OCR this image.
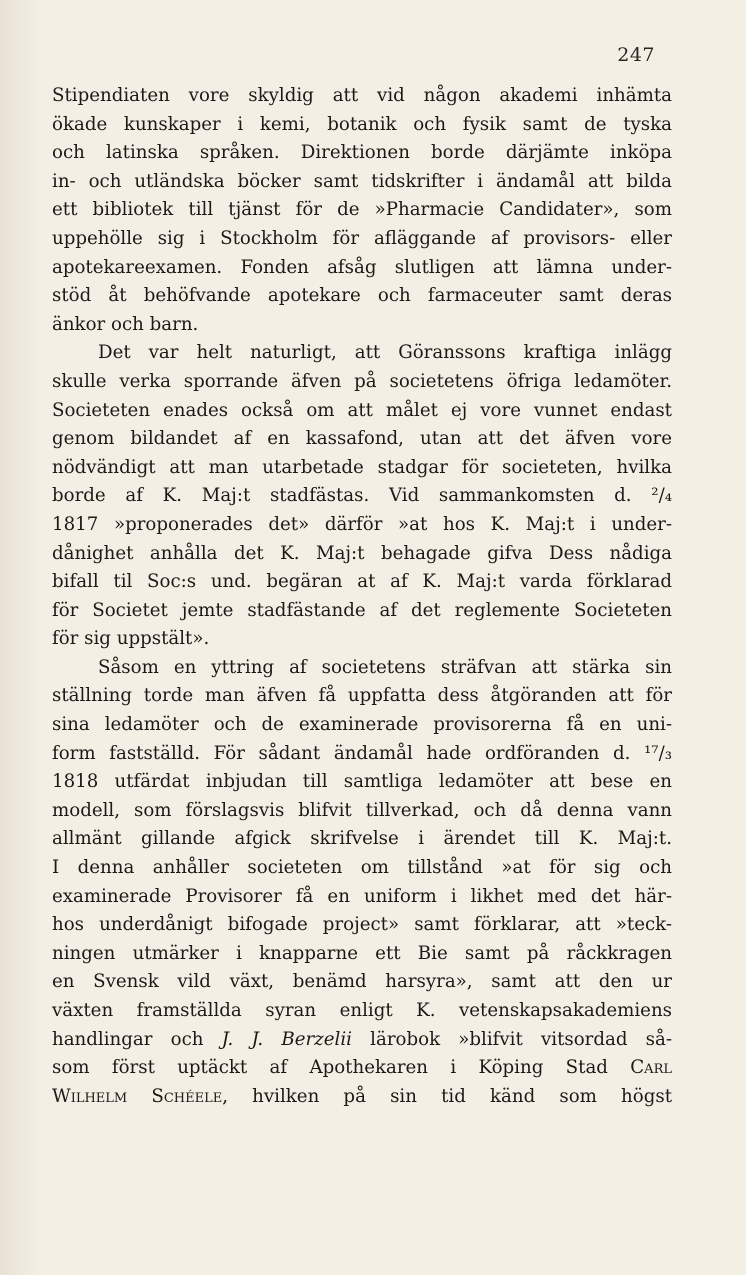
247
Stipendiaten vore skyldig att vid någon akademi inhämta
ökade kunskaper i kemi, botanik och fysik samt de tyska
och latinska språken. Direktionen borde därjämte inköpa
in- och utländska böcker samt tidskrifter i ändamål att bilda
ett bibliotek till tjänst för de »Pharmacie Candidater», som
uppehölle sig i Stockholm för afläggande af provisors- eller
apotekareexamen. Fonden afsåg slutligen att lämna under-
stöd åt behöfvande apotekare och farmaceuter samt deras
änkor och barn.
Det var helt naturligt, att Göranssons kraftiga inlägg
skulle verka sporrande äfven på societetens öfriga ledamöter.
Societeten enades också om att målet ej vore vunnet endast
genom bildandet af en kassafond, utan att det äfven vore
nödvändigt att man utarbetade stadgar för societeten, hvilka
borde af K. Maj:t stadfästas. Vid sammankomsten d. ²/₄
1817 »proponerades det» därför »at hos K. Maj:t i under-
dånighet anhålla det K. Maj:t behagade gifva Dess nådiga
bifall til Soc:s und. begäran at af K. Maj:t varda förklarad
för Societet jemte stadfästande af det reglemente Societeten
för sig uppstält».
Såsom en yttring af societetens sträfvan att stärka sin
ställning torde man äfven få uppfatta dess åtgöranden att för
sina ledamöter och de examinerade provisorerna få en uni-
form fastställd. För sådant ändamål hade ordföranden d. ¹⁷/₃
1818 utfärdat inbjudan till samtliga ledamöter att bese en
modell, som förslagsvis blifvit tillverkad, och då denna vann
allmänt gillande afgick skrifvelse i ärendet till K. Maj:t.
I denna anhåller societeten om tillstånd »at för sig och
examinerade Provisorer få en uniform i likhet med det här-
hos underdånigt bifogade project» samt förklarar, att »teck-
ningen utmärker i knapparne ett Bie samt på råckkragen
en Svensk vild växt, benämd harsyra», samt att den ur
växten framställda syran enligt K. vetenskapsakademiens
handlingar och J. J. Berzelii lärobok »blifvit vitsordad så-
som först uptäckt af Apothekaren i Köping Stad Carl
Wilhelm Schéele, hvilken på sin tid känd som högst
